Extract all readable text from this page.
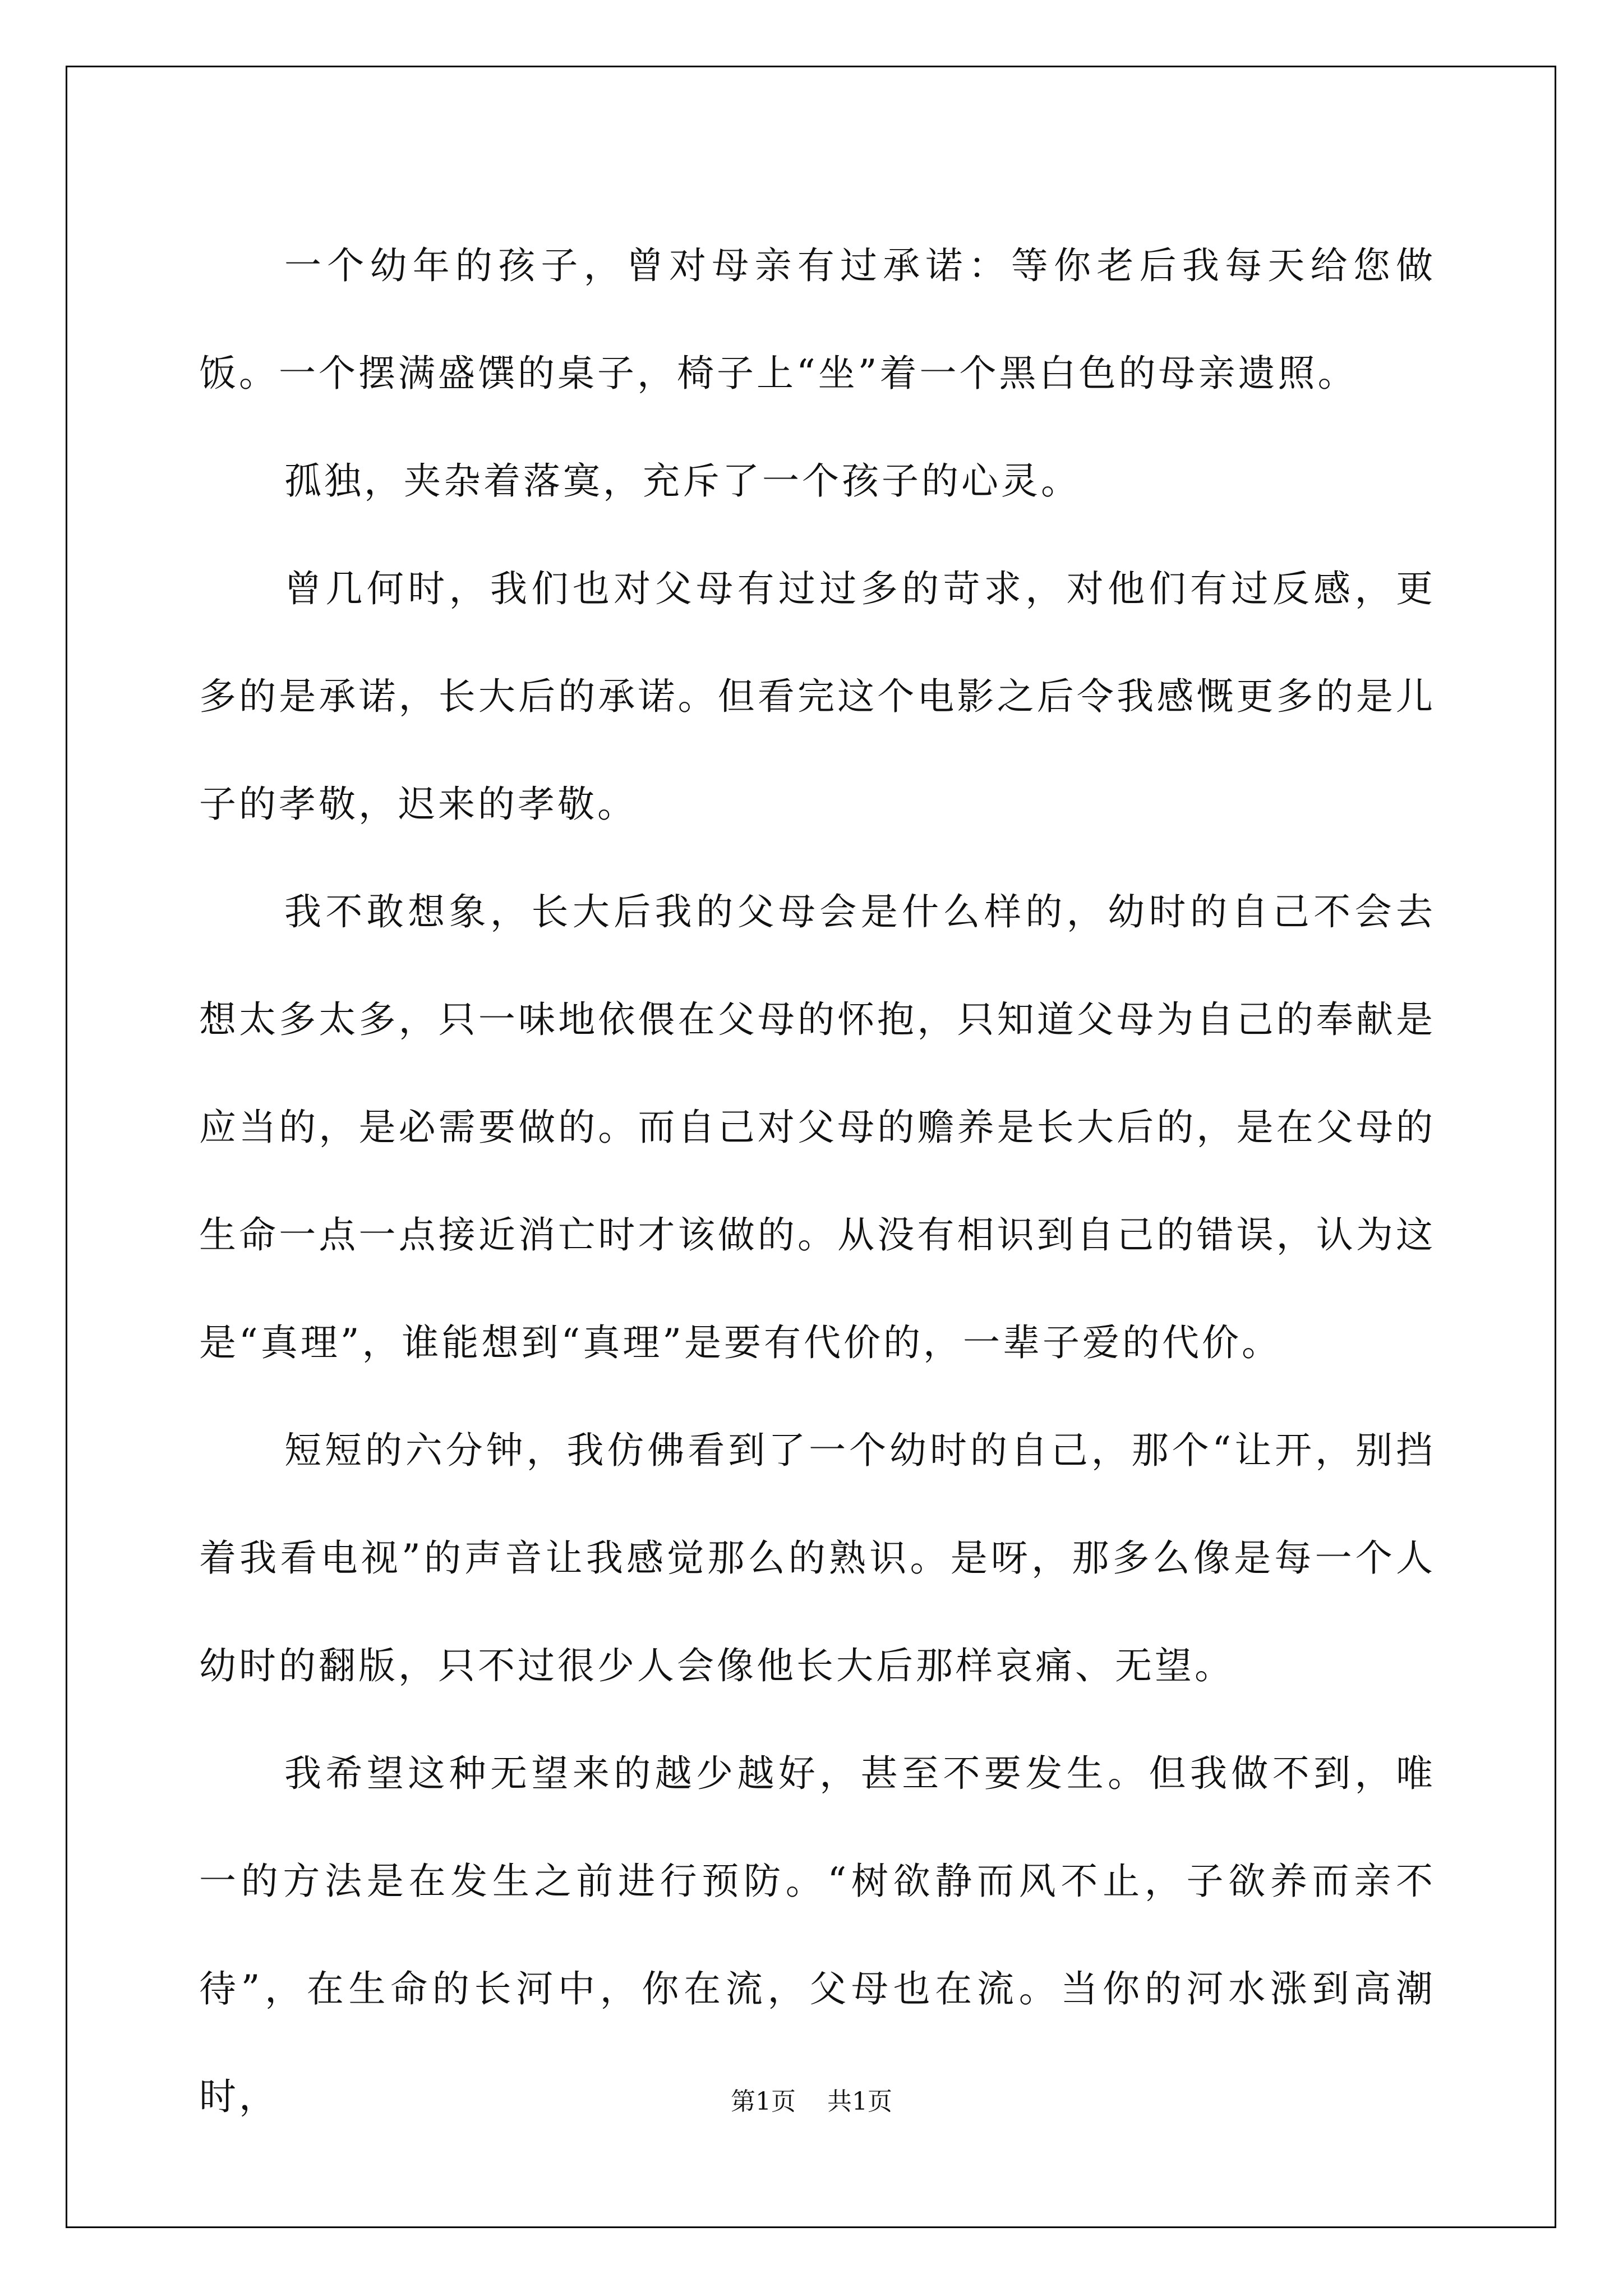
一个幼年的孩子，曾对母亲有过承诺：等你老后我每天给您做饭。一个摆满盛馔的桌子，椅子上“坐”着一个黑白色的母亲遗照。

孤独，夹杂着落寞，充斥了一个孩子的心灵。

曾几何时，我们也对父母有过过多的苛求，对他们有过反感，更多的是承诺，长大后的承诺。但看完这个电影之后令我感慨更多的是儿子的孝敬，迟来的孝敬。

我不敢想象，长大后我的父母会是什么样的，幼时的自己不会去想太多太多，只一味地依偎在父母的怀抱，只知道父母为自己的奉献是应当的，是必需要做的。而自己对父母的赡养是长大后的，是在父母的生命一点一点接近消亡时才该做的。从没有相识到自己的错误，认为这是“真理”，谁能想到“真理”是要有代价的，一辈子爱的代价。

短短的六分钟，我仿佛看到了一个幼时的自己，那个“让开，别挡着我看电视”的声音让我感觉那么的熟识。是呀，那多么像是每一个人幼时的翻版，只不过很少人会像他长大后那样哀痛、无望。

我希望这种无望来的越少越好，甚至不要发生。但我做不到，唯一的方法是在发生之前进行预防。“树欲静而风不止，子欲养而亲不待”，在生命的长河中，你在流，父母也在流。当你的河水涨到高潮时，	第1页 共1页
